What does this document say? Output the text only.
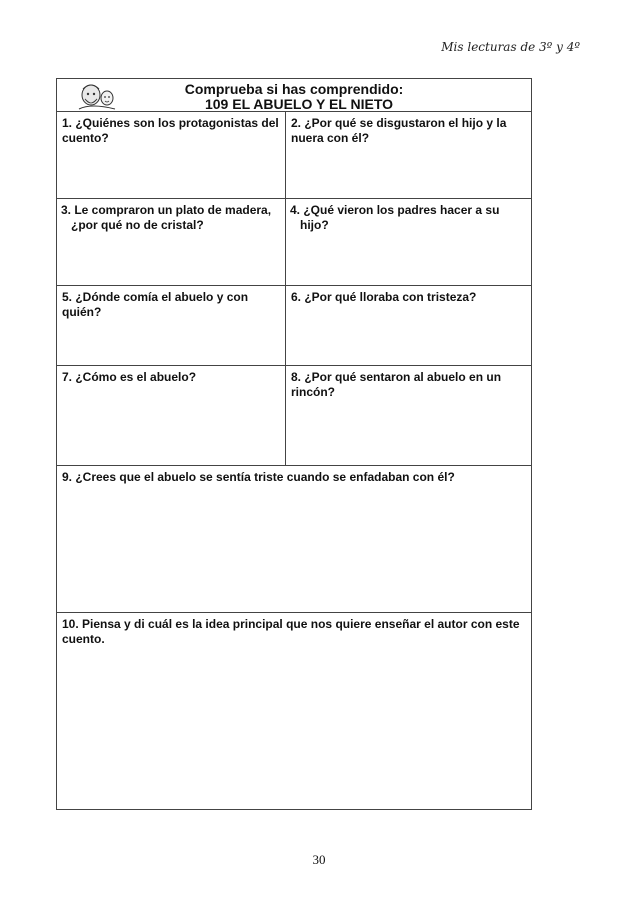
Mis lecturas de 3º y 4º
Comprueba si has comprendido:
109 EL ABUELO Y EL NIETO
1. ¿Quiénes son los protagonistas del cuento?
2. ¿Por qué se disgustaron el hijo y la nuera con él?
3. Le compraron un plato de madera, ¿por qué no de cristal?
4. ¿Qué vieron los padres hacer a su hijo?
5. ¿Dónde comía el abuelo y con quién?
6. ¿Por qué lloraba con tristeza?
7. ¿Cómo es el abuelo?	8. ¿Por qué sentaron al abuelo en un rincón?
9. ¿Crees que el abuelo se sentía triste cuando se enfadaban con él?
10. Piensa y di cuál es la idea principal que nos quiere enseñar el autor con este cuento.
30
